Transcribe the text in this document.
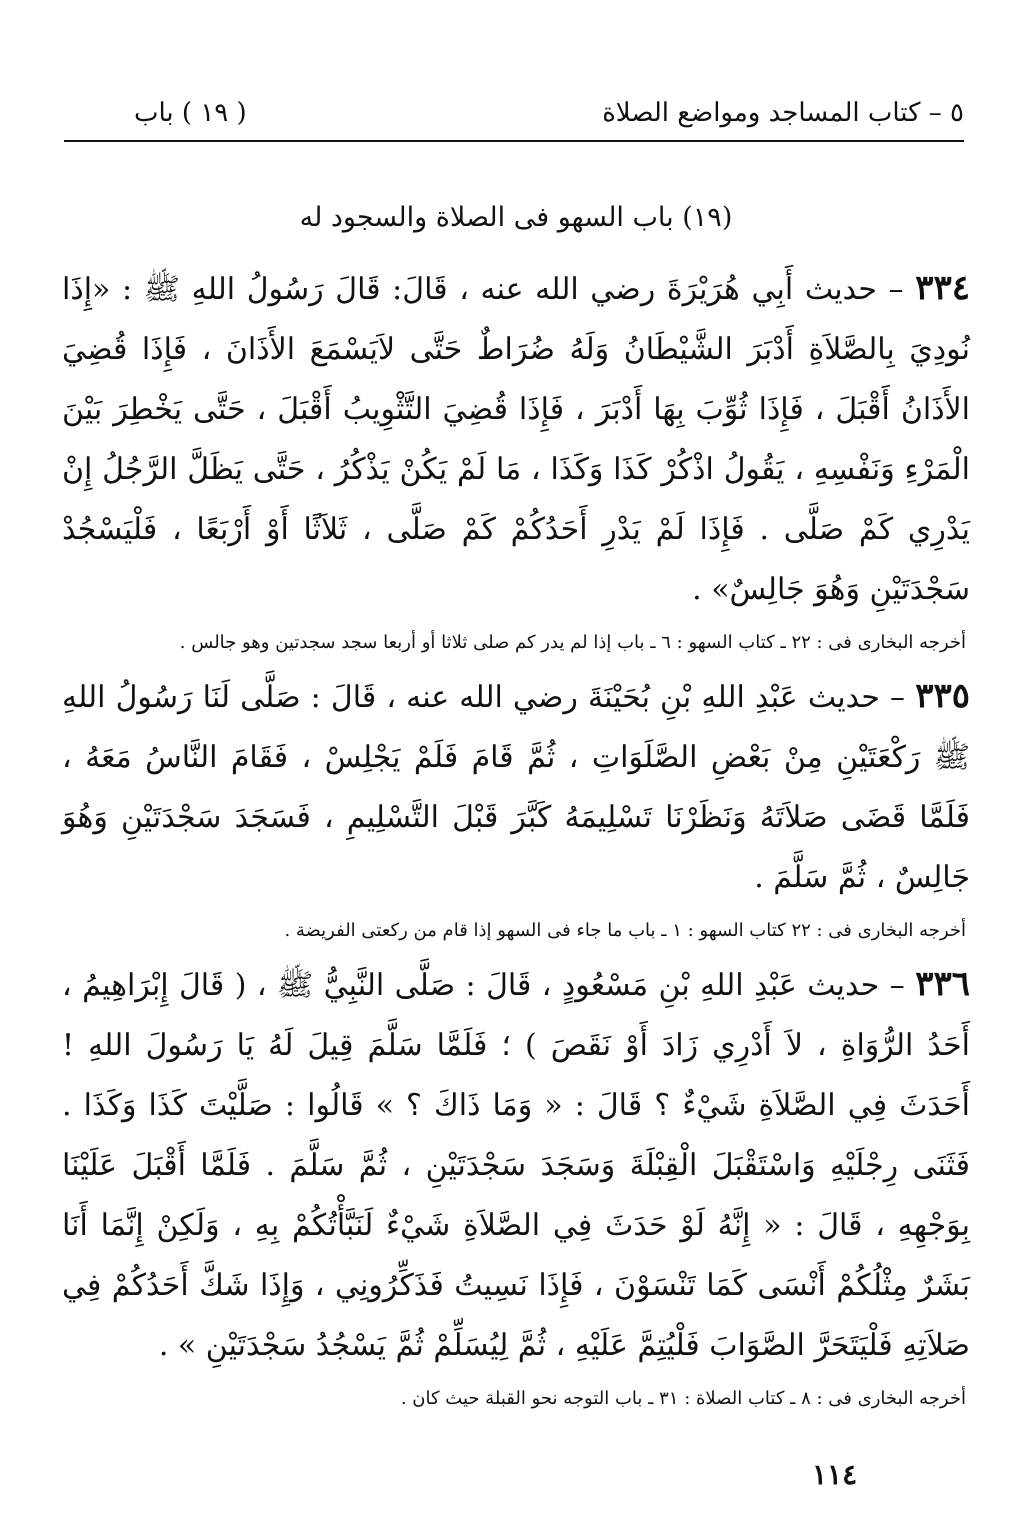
٥ – كتاب المساجد ومواضع الصلاة
( ١٩ ) باب
(١٩) باب السهو فى الصلاة والسجود له

٣٣٤ – حديث أَبِي هُرَيْرَةَ رضي الله عنه ، قَالَ: قَالَ رَسُولُ اللهِ ﷺ : «إِذَا نُودِيَ بِالصَّلاَةِ أَدْبَرَ الشَّيْطَانُ وَلَهُ ضُرَاطٌ حَتَّى لاَيَسْمَعَ الأَذَانَ ، فَإِذَا قُضِيَ الأَذَانُ أَقْبَلَ ، فَإِذَا ثُوِّبَ بِهَا أَدْبَرَ ، فَإِذَا قُضِيَ التَّثْوِيبُ أَقْبَلَ ، حَتَّى يَخْطِرَ بَيْنَ الْمَرْءِ وَنَفْسِهِ ، يَقُولُ اذْكُرْ كَذَا وَكَذَا ، مَا لَمْ يَكُنْ يَذْكُرُ ، حَتَّى يَظَلَّ الرَّجُلُ إِنْ يَدْرِي كَمْ صَلَّى . فَإِذَا لَمْ يَدْرِ أَحَدُكُمْ كَمْ صَلَّى ، ثَلاَثًا أَوْ أَرْبَعًا ، فَلْيَسْجُدْ سَجْدَتَيْنِ وَهُوَ جَالِسٌ» .

أخرجه البخارى فى : ٢٢ ـ كتاب السهو : ٦ ـ باب إذا لم يدر كم صلى ثلاثا أو أربعا سجد سجدتين وهو جالس .

٣٣٥ – حديث عَبْدِ اللهِ بْنِ بُحَيْنَةَ رضي الله عنه ، قَالَ : صَلَّى لَنَا رَسُولُ اللهِ ﷺ رَكْعَتَيْنِ مِنْ بَعْضِ الصَّلَوَاتِ ، ثُمَّ قَامَ فَلَمْ يَجْلِسْ ، فَقَامَ النَّاسُ مَعَهُ ، فَلَمَّا قَضَى صَلاَتَهُ وَنَظَرْنَا تَسْلِيمَهُ كَبَّرَ قَبْلَ التَّسْلِيمِ ، فَسَجَدَ سَجْدَتَيْنِ وَهُوَ جَالِسٌ ، ثُمَّ سَلَّمَ .

أخرجه البخارى فى : ٢٢ كتاب السهو : ١ ـ باب ما جاء فى السهو إذا قام من ركعتى الفريضة .

٣٣٦ – حديث عَبْدِ اللهِ بْنِ مَسْعُودٍ ، قَالَ : صَلَّى النَّبِيُّ ﷺ ، ( قَالَ إِبْرَاهِيمُ ، أَحَدُ الرُّوَاةِ ، لاَ أَدْرِي زَادَ أَوْ نَقَصَ ) ؛ فَلَمَّا سَلَّمَ قِيلَ لَهُ يَا رَسُولَ اللهِ ! أَحَدَثَ فِي الصَّلاَةِ شَيْءٌ ؟ قَالَ : « وَمَا ذَاكَ ؟ » قَالُوا : صَلَّيْتَ كَذَا وَكَذَا . فَثَنَى رِجْلَيْهِ وَاسْتَقْبَلَ الْقِبْلَةَ وَسَجَدَ سَجْدَتَيْنِ ، ثُمَّ سَلَّمَ . فَلَمَّا أَقْبَلَ عَلَيْنَا بِوَجْهِهِ ، قَالَ : « إِنَّهُ لَوْ حَدَثَ فِي الصَّلاَةِ شَيْءٌ لَنَبَّأْتُكُمْ بِهِ ، وَلَكِنْ إِنَّمَا أَنَا بَشَرٌ مِثْلُكُمْ أَنْسَى كَمَا تَنْسَوْنَ ، فَإِذَا نَسِيتُ فَذَكِّرُونِي ، وَإِذَا شَكَّ أَحَدُكُمْ فِي صَلاَتِهِ فَلْيَتَحَرَّ الصَّوَابَ فَلْيُتِمَّ عَلَيْهِ ، ثُمَّ لِيُسَلِّمْ ثُمَّ يَسْجُدُ سَجْدَتَيْنِ » .

أخرجه البخارى فى : ٨ ـ كتاب الصلاة : ٣١ ـ باب التوجه نحو القبلة حيث كان .
١١٤
